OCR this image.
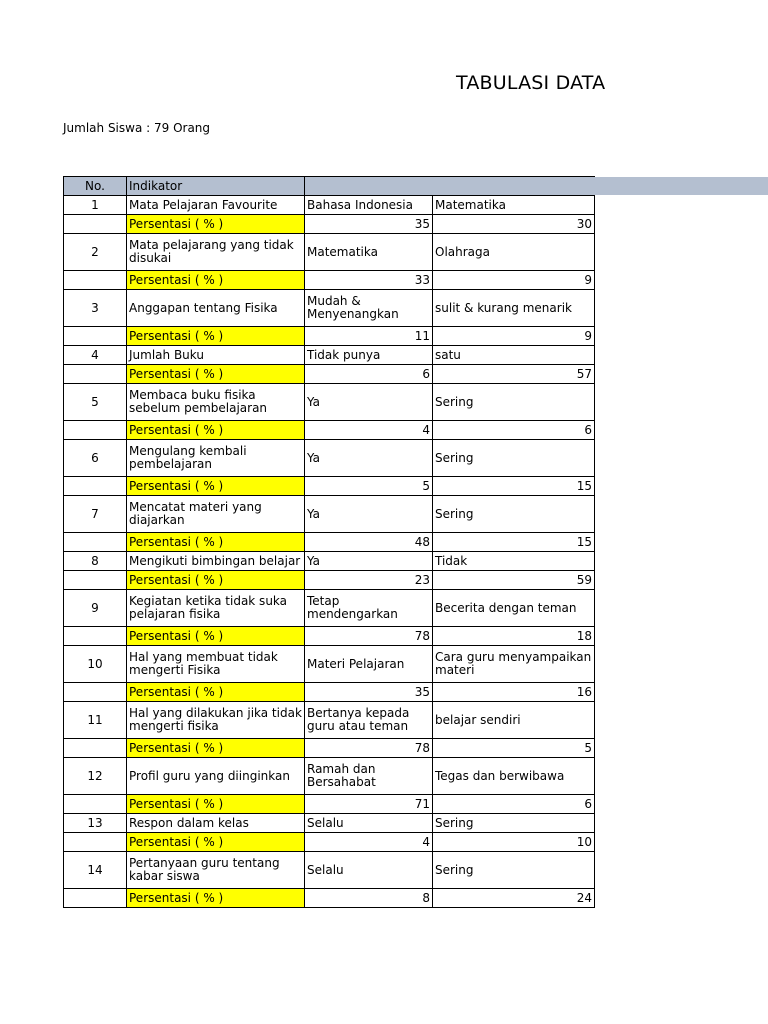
TABULASI DATA
Jumlah Siswa : 79 Orang
No.	Indikator		
1	Mata Pelajaran Favourite	Bahasa Indonesia	Matematika
	Persentasi ( % )	35	30
2	Mata pelajarang yang tidak disukai	Matematika	Olahraga
	Persentasi ( % )	33	9
3	Anggapan tentang Fisika	Mudah & Menyenangkan	sulit & kurang menarik
	Persentasi ( % )	11	9
4	Jumlah Buku	Tidak punya	satu
	Persentasi ( % )	6	57
5	Membaca buku fisika sebelum pembelajaran	Ya	Sering
	Persentasi ( % )	4	6
6	Mengulang kembali pembelajaran	Ya	Sering
	Persentasi ( % )	5	15
7	Mencatat materi yang diajarkan	Ya	Sering
	Persentasi ( % )	48	15
8	Mengikuti bimbingan belajar	Ya	Tidak
	Persentasi ( % )	23	59
9	Kegiatan ketika tidak suka pelajaran fisika	Tetap mendengarkan	Becerita dengan teman
	Persentasi ( % )	78	18
10	Hal yang membuat tidak mengerti Fisika	Materi Pelajaran	Cara guru menyampaikan materi
	Persentasi ( % )	35	16
11	Hal yang dilakukan jika tidak mengerti fisika	Bertanya kepada guru atau teman	belajar sendiri
	Persentasi ( % )	78	5
12	Profil guru yang diinginkan	Ramah dan Bersahabat	Tegas dan berwibawa
	Persentasi ( % )	71	6
13	Respon dalam kelas	Selalu	Sering
	Persentasi ( % )	4	10
14	Pertanyaan guru tentang kabar siswa	Selalu	Sering
	Persentasi ( % )	8	24
